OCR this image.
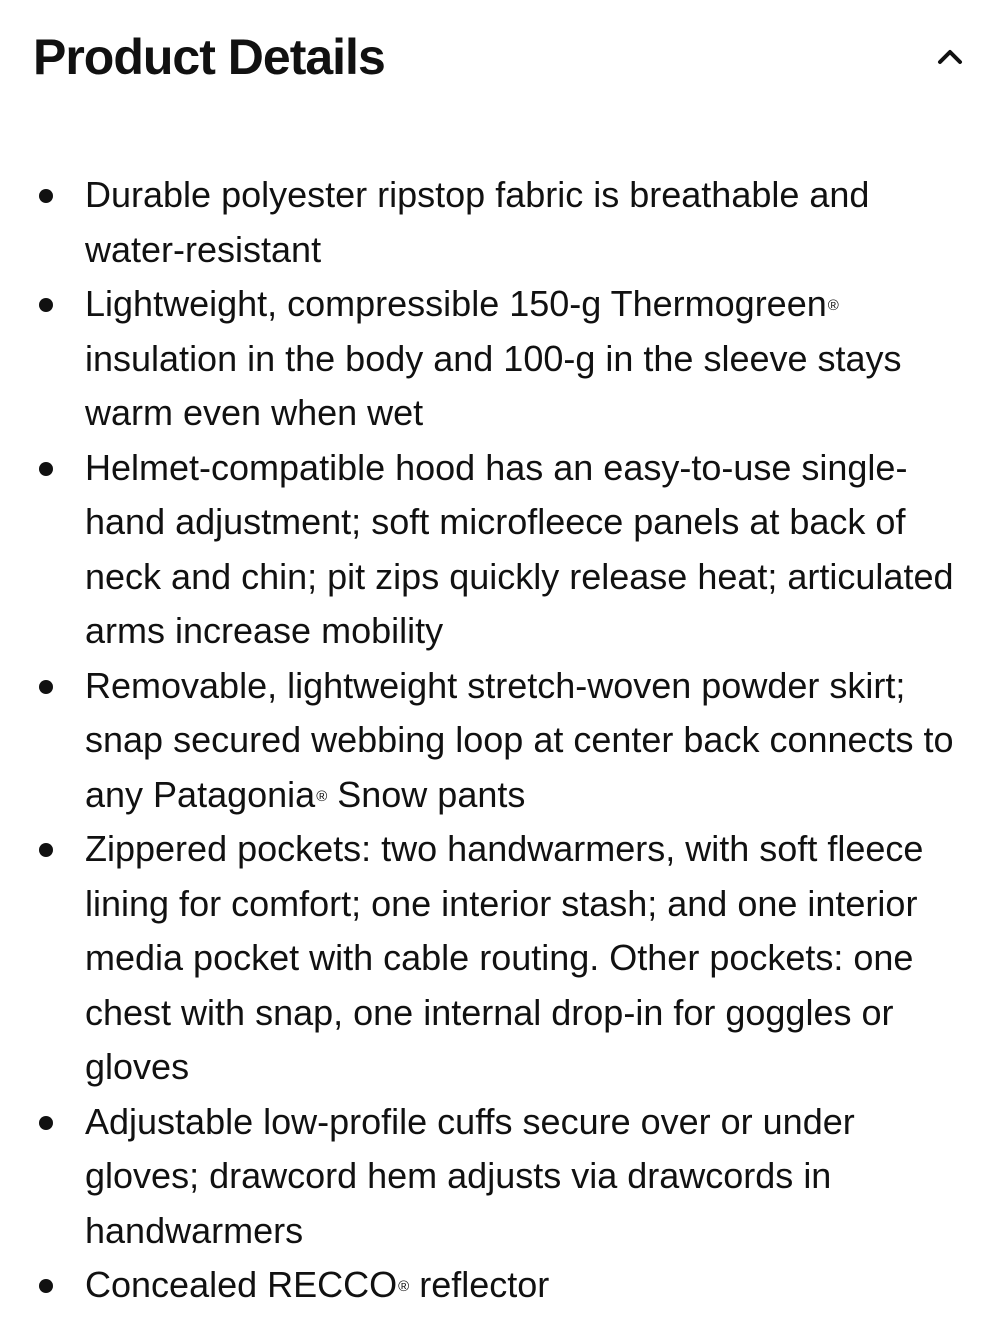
Product Details
Durable polyester ripstop fabric is breathable and water-resistant
Lightweight, compressible 150-g Thermogreen® insulation in the body and 100-g in the sleeve stays warm even when wet
Helmet-compatible hood has an easy-to-use single-hand adjustment; soft microfleece panels at back of neck and chin; pit zips quickly release heat; articulated arms increase mobility
Removable, lightweight stretch-woven powder skirt; snap secured webbing loop at center back connects to any Patagonia® Snow pants
Zippered pockets: two handwarmers, with soft fleece lining for comfort; one interior stash; and one interior media pocket with cable routing. Other pockets: one chest with snap, one internal drop-in for goggles or gloves
Adjustable low-profile cuffs secure over or under gloves; drawcord hem adjusts via drawcords in handwarmers
Concealed RECCO® reflector
